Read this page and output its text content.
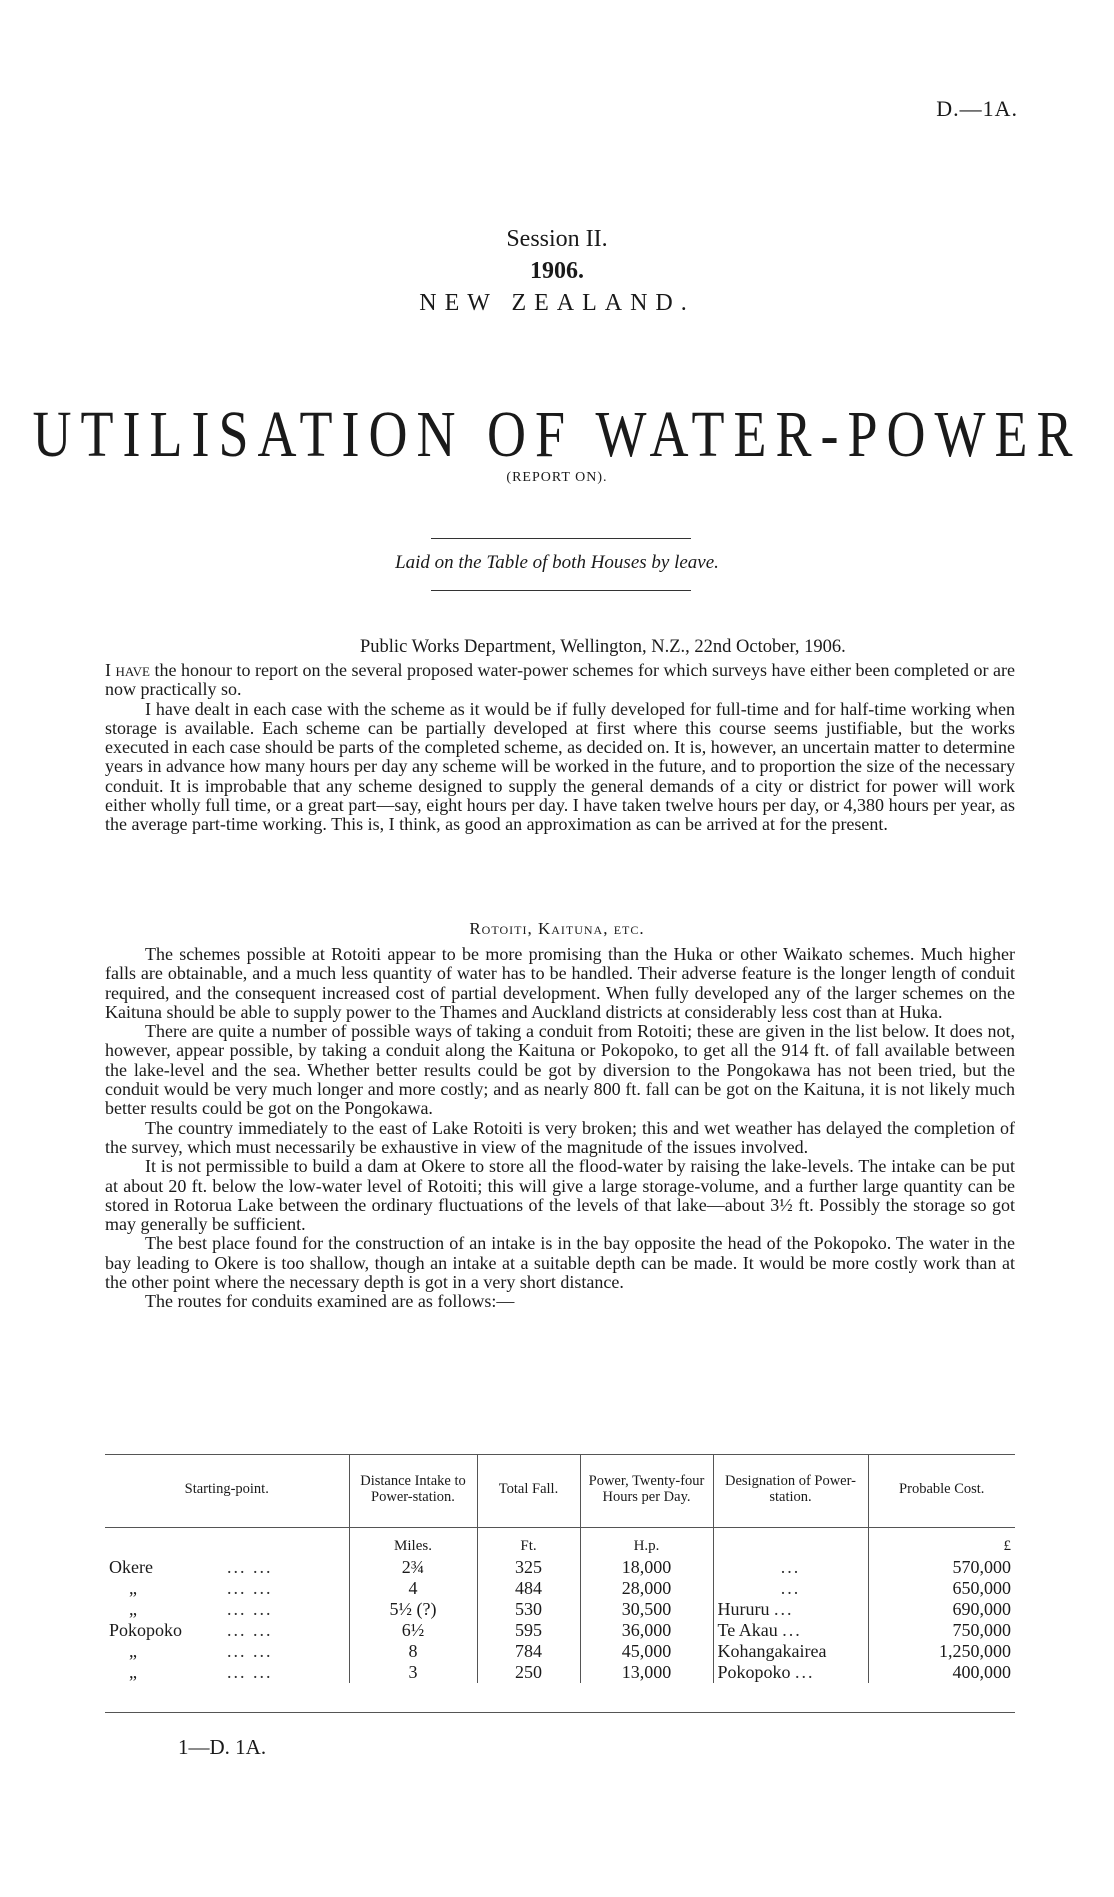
D.—1A.
Session II.
1906.
NEW ZEALAND.
UTILISATION OF WATER-POWER
(REPORT ON).
Laid on the Table of both Houses by leave.
Public Works Department, Wellington, N.Z., 22nd October, 1906.

I have the honour to report on the several proposed water-power schemes for which surveys have either been completed or are now practically so.

I have dealt in each case with the scheme as it would be if fully developed for full-time and for half-time working when storage is available. Each scheme can be partially developed at first where this course seems justifiable, but the works executed in each case should be parts of the completed scheme, as decided on. It is, however, an uncertain matter to determine years in advance how many hours per day any scheme will be worked in the future, and to proportion the size of the necessary conduit. It is improbable that any scheme designed to supply the general demands of a city or district for power will work either wholly full time, or a great part—say, eight hours per day. I have taken twelve hours per day, or 4,380 hours per year, as the average part-time working. This is, I think, as good an approximation as can be arrived at for the present.

Rotoiti, Kaituna, etc.

The schemes possible at Rotoiti appear to be more promising than the Huka or other Waikato schemes. Much higher falls are obtainable, and a much less quantity of water has to be handled. Their adverse feature is the longer length of conduit required, and the consequent increased cost of partial development. When fully developed any of the larger schemes on the Kaituna should be able to supply power to the Thames and Auckland districts at considerably less cost than at Huka.

There are quite a number of possible ways of taking a conduit from Rotoiti; these are given in the list below. It does not, however, appear possible, by taking a conduit along the Kaituna or Pokopoko, to get all the 914 ft. of fall available between the lake-level and the sea. Whether better results could be got by diversion to the Pongokawa has not been tried, but the conduit would be very much longer and more costly; and as nearly 800 ft. fall can be got on the Kaituna, it is not likely much better results could be got on the Pongokawa.

The country immediately to the east of Lake Rotoiti is very broken; this and wet weather has delayed the completion of the survey, which must necessarily be exhaustive in view of the magnitude of the issues involved.

It is not permissible to build a dam at Okere to store all the flood-water by raising the lake-levels. The intake can be put at about 20 ft. below the low-water level of Rotoiti; this will give a large storage-volume, and a further large quantity can be stored in Rotorua Lake between the ordinary fluctuations of the levels of that lake—about 3½ ft. Possibly the storage so got may generally be sufficient.

The best place found for the construction of an intake is in the bay opposite the head of the Pokopoko. The water in the bay leading to Okere is too shallow, though an intake at a suitable depth can be made. It would be more costly work than at the other point where the necessary depth is got in a very short distance.

The routes for conduits examined are as follows:—

Starting-point.	Distance Intake to Power-station.	Total Fall.	Power, Twenty-four Hours per Day.	Designation of Power-station.	Probable Cost.
	Miles.	Ft.	H.p.		£
Okere ... ...	2¾	325	18,000	...	570,000
„ ... ...	4	484	28,000	...	650,000
„ ... ...	5½ (?)	530	30,500	Hururu ...	690,000
Pokopoko ... ...	6½	595	36,000	Te Akau ...	750,000
„ ... ...	8	784	45,000	Kohangakairea	1,250,000
„ ... ...	3	250	13,000	Pokopoko ...	400,000
1—D. 1A.
